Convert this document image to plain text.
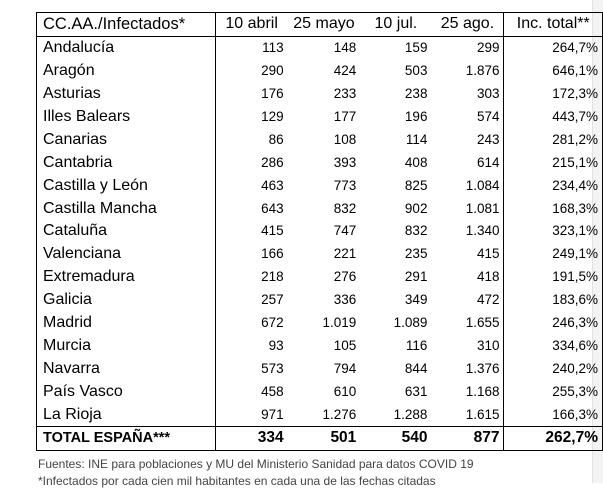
CC.AA./Infectados*	10 abril	25 mayo	10 jul.	25 ago.	Inc. total**
Andalucía	113	148	159	299	264,7%
Aragón	290	424	503	1.876	646,1%
Asturias	176	233	238	303	172,3%
Illes Balears	129	177	196	574	443,7%
Canarias	86	108	114	243	281,2%
Cantabria	286	393	408	614	215,1%
Castilla y León	463	773	825	1.084	234,4%
Castilla Mancha	643	832	902	1.081	168,3%
Cataluña	415	747	832	1.340	323,1%
Valenciana	166	221	235	415	249,1%
Extremadura	218	276	291	418	191,5%
Galicia	257	336	349	472	183,6%
Madrid	672	1.019	1.089	1.655	246,3%
Murcia	93	105	116	310	334,6%
Navarra	573	794	844	1.376	240,2%
País Vasco	458	610	631	1.168	255,3%
La Rioja	971	1.276	1.288	1.615	166,3%
TOTAL ESPAÑA***	334	501	540	877	262,7%
Fuentes: INE para poblaciones y MU del Ministerio Sanidad para datos COVID 19
*Infectados por cada cien mil habitantes en cada una de las fechas citadas
